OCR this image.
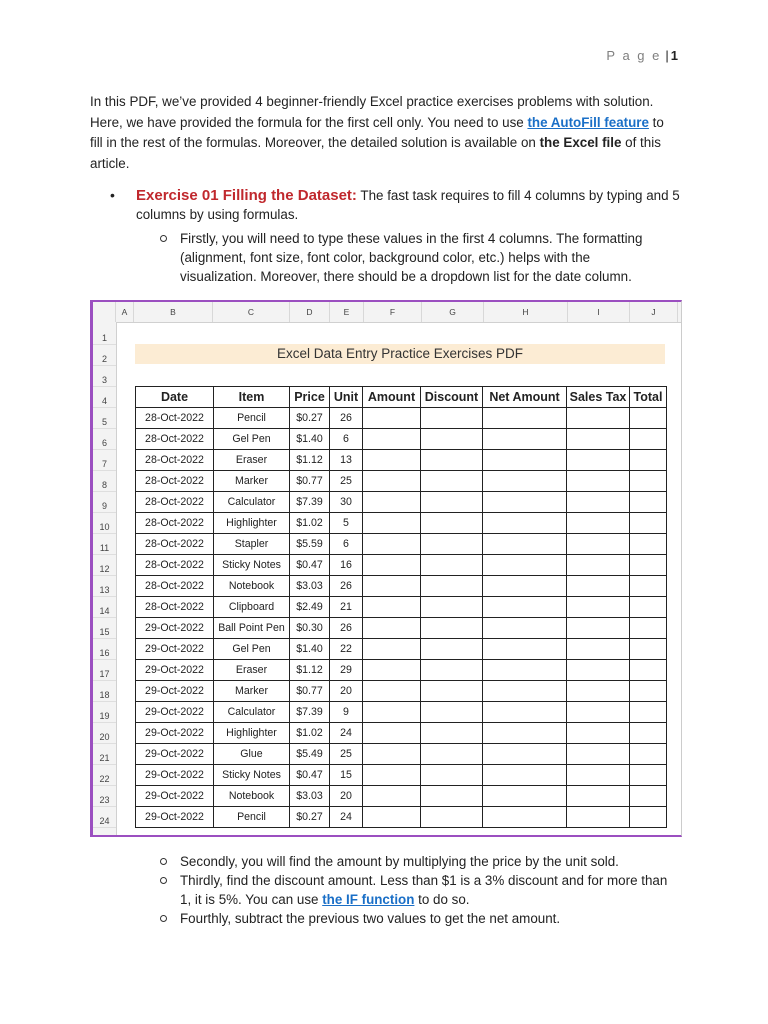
P a g e | 1

In this PDF, we’ve provided 4 beginner-friendly Excel practice exercises problems with solution. Here, we have provided the formula for the first cell only. You need to use the AutoFill feature to fill in the rest of the formulas. Moreover, the detailed solution is available on the Excel file of this article.

• Exercise 01 Filling the Dataset: The fast task requires to fill 4 columns by typing and 5 columns by using formulas.
Firstly, you will need to type these values in the first 4 columns. The formatting (alignment, font size, font color, background color, etc.) helps with the visualization. Moreover, there should be a dropdown list for the date column.
A	B	C	D	E	F	G	H	I	J
1
2
3
4
5
6
7
8
9
10
11
12
13
14
15
16
17
18
19
20
21
22
23
24
Excel Data Entry Practice Exercises PDF
Date	Item	Price	Unit	Amount	Discount	Net Amount	Sales Tax	Total
28-Oct-2022	Pencil	$0.27	26					
28-Oct-2022	Gel Pen	$1.40	6					
28-Oct-2022	Eraser	$1.12	13					
28-Oct-2022	Marker	$0.77	25					
28-Oct-2022	Calculator	$7.39	30					
28-Oct-2022	Highlighter	$1.02	5					
28-Oct-2022	Stapler	$5.59	6					
28-Oct-2022	Sticky Notes	$0.47	16					
28-Oct-2022	Notebook	$3.03	26					
28-Oct-2022	Clipboard	$2.49	21					
29-Oct-2022	Ball Point Pen	$0.30	26					
29-Oct-2022	Gel Pen	$1.40	22					
29-Oct-2022	Eraser	$1.12	29					
29-Oct-2022	Marker	$0.77	20					
29-Oct-2022	Calculator	$7.39	9					
29-Oct-2022	Highlighter	$1.02	24					
29-Oct-2022	Glue	$5.49	25					
29-Oct-2022	Sticky Notes	$0.47	15					
29-Oct-2022	Notebook	$3.03	20					
29-Oct-2022	Pencil	$0.27	24					
Secondly, you will find the amount by multiplying the price by the unit sold.
Thirdly, find the discount amount. Less than $1 is a 3% discount and for more than 1, it is 5%. You can use the IF function to do so.
Fourthly, subtract the previous two values to get the net amount.
